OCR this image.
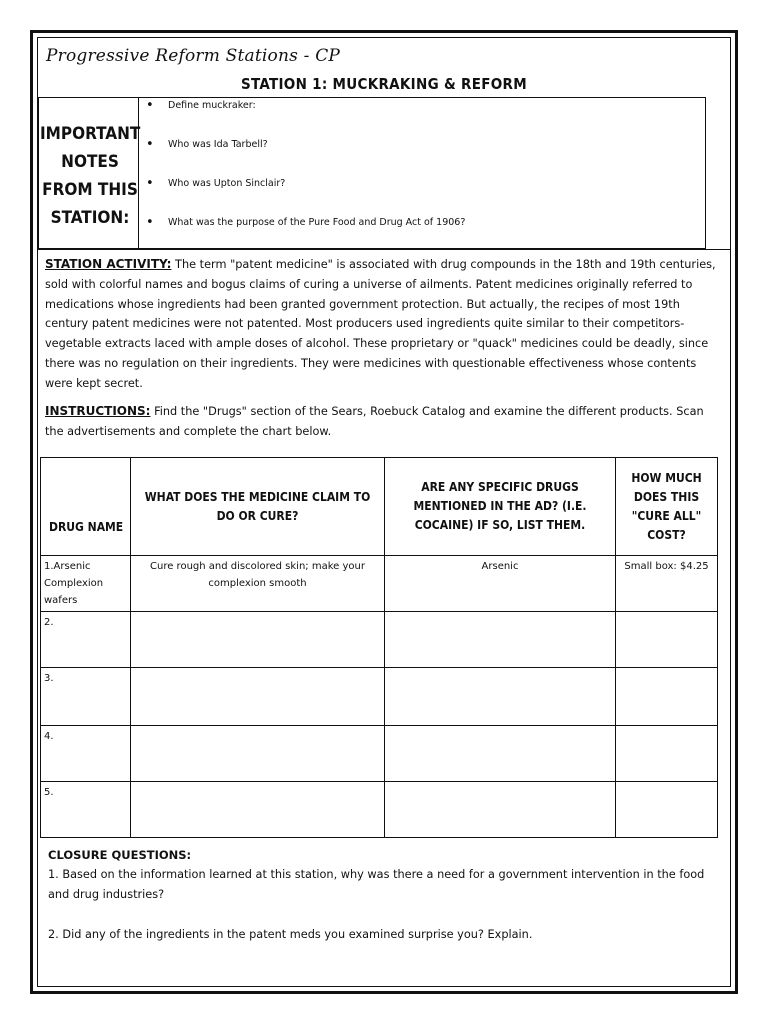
Progressive Reform Stations - CP
STATION 1: MUCKRAKING & REFORM
IMPORTANT
NOTES
FROM THIS
STATION:
• Define muckraker:
• Who was Ida Tarbell?
• Who was Upton Sinclair?
• What was the purpose of the Pure Food and Drug Act of 1906?
STATION ACTIVITY: The term "patent medicine" is associated with drug compounds in the 18th and 19th centuries, sold with colorful names and bogus claims of curing a universe of ailments. Patent medicines originally referred to medications whose ingredients had been granted government protection. But actually, the recipes of most 19th century patent medicines were not patented. Most producers used ingredients quite similar to their competitors- vegetable extracts laced with ample doses of alcohol. These proprietary or "quack" medicines could be deadly, since there was no regulation on their ingredients. They were medicines with questionable effectiveness whose contents were kept secret.
INSTRUCTIONS: Find the "Drugs" section of the Sears, Roebuck Catalog and examine the different products. Scan the advertisements and complete the chart below.
DRUG NAME	WHAT DOES THE MEDICINE CLAIM TO DO OR CURE?	ARE ANY SPECIFIC DRUGS MENTIONED IN THE AD? (I.E. COCAINE) IF SO, LIST THEM.	HOW MUCH DOES THIS "CURE ALL" COST?
1.Arsenic Complexion wafers	Cure rough and discolored skin; make your complexion smooth	Arsenic	Small box: $4.25
2.			
3.			
4.			
5.			
CLOSURE QUESTIONS:
1. Based on the information learned at this station, why was there a need for a government intervention in the food and drug industries?
2. Did any of the ingredients in the patent meds you examined surprise you? Explain.
